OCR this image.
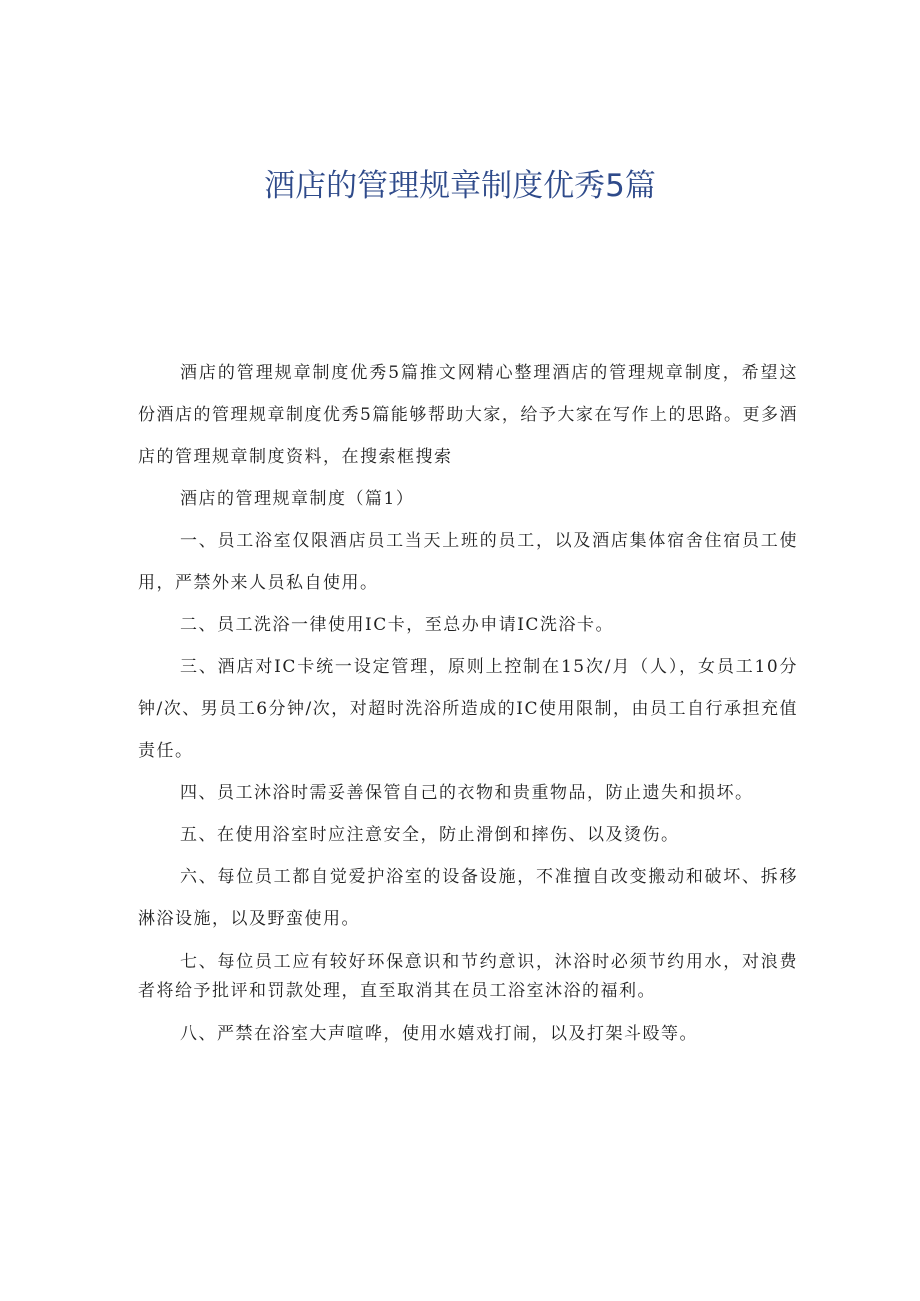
酒店的管理规章制度优秀5篇

酒店的管理规章制度优秀5篇推文网精心整理酒店的管理规章制度，希望这份酒店的管理规章制度优秀5篇能够帮助大家，给予大家在写作上的思路。更多酒店的管理规章制度资料，在搜索框搜索

酒店的管理规章制度（篇1）

一、员工浴室仅限酒店员工当天上班的员工，以及酒店集体宿舍住宿员工使用，严禁外来人员私自使用。

二、员工洗浴一律使用IC卡，至总办申请IC洗浴卡。

三、酒店对IC卡统一设定管理，原则上控制在15次/月（人），女员工10分钟/次、男员工6分钟/次，对超时洗浴所造成的IC使用限制，由员工自行承担充值责任。

四、员工沐浴时需妥善保管自己的衣物和贵重物品，防止遗失和损坏。

五、在使用浴室时应注意安全，防止滑倒和摔伤、以及烫伤。

六、每位员工都自觉爱护浴室的设备设施，不准擅自改变搬动和破坏、拆移淋浴设施，以及野蛮使用。

七、每位员工应有较好环保意识和节约意识，沐浴时必须节约用水，对浪费者将给予批评和罚款处理，直至取消其在员工浴室沐浴的福利。

八、严禁在浴室大声喧哗，使用水嬉戏打闹，以及打架斗殴等。
